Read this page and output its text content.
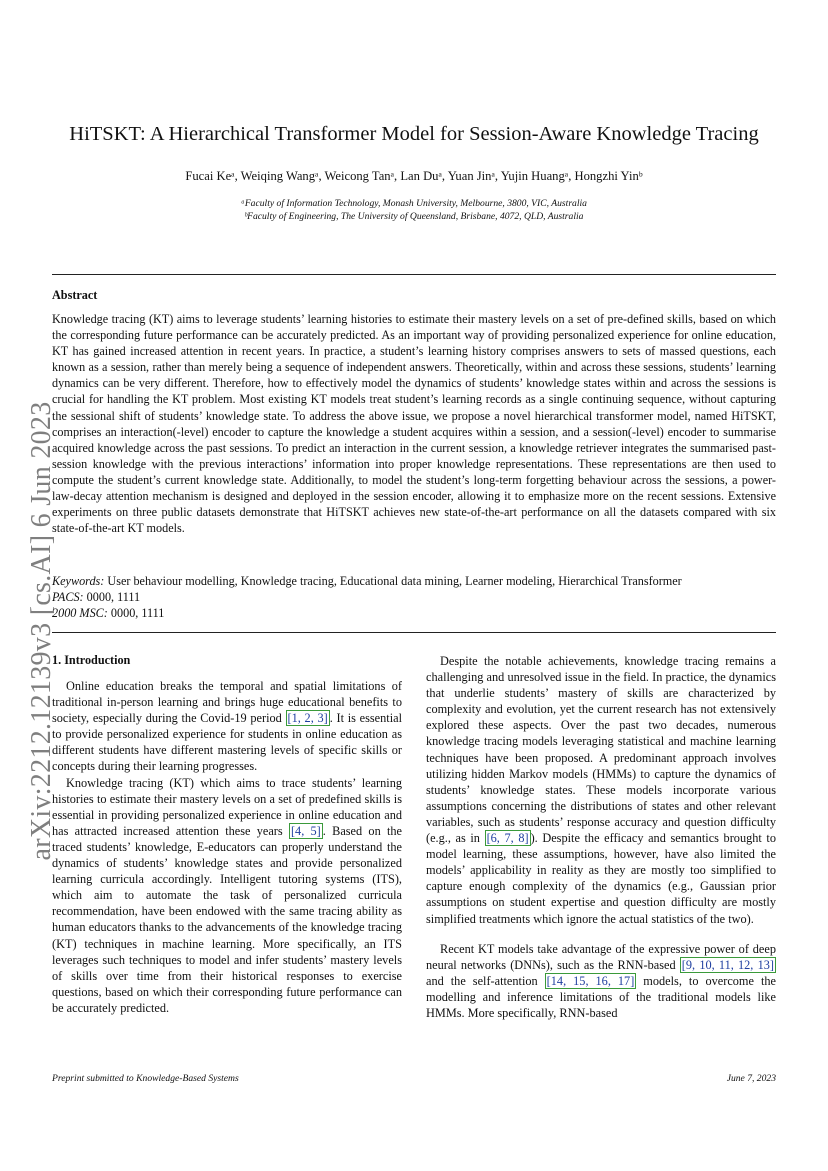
arXiv:2212.12139v3 [cs.AI] 6 Jun 2023
HiTSKT: A Hierarchical Transformer Model for Session-Aware Knowledge Tracing
Fucai Keᵃ, Weiqing Wangᵃ, Weicong Tanᵃ, Lan Duᵃ, Yuan Jinᵃ, Yujin Huangᵃ, Hongzhi Yinᵇ
ᵃFaculty of Information Technology, Monash University, Melbourne, 3800, VIC, Australia
ᵇFaculty of Engineering, The University of Queensland, Brisbane, 4072, QLD, Australia
Abstract

Knowledge tracing (KT) aims to leverage students’ learning histories to estimate their mastery levels on a set of pre-defined skills, based on which the corresponding future performance can be accurately predicted. As an important way of providing personalized experience for online education, KT has gained increased attention in recent years. In practice, a student’s learning history comprises answers to sets of massed questions, each known as a session, rather than merely being a sequence of independent answers. Theoretically, within and across these sessions, students’ learning dynamics can be very different. Therefore, how to effectively model the dynamics of students’ knowledge states within and across the sessions is crucial for handling the KT problem. Most existing KT models treat student’s learning records as a single continuing sequence, without capturing the sessional shift of students’ knowledge state. To address the above issue, we propose a novel hierarchical transformer model, named HiTSKT, comprises an interaction(-level) encoder to capture the knowledge a student acquires within a session, and a session(-level) encoder to summarise acquired knowledge across the past sessions. To predict an interaction in the current session, a knowledge retriever integrates the summarised past-session knowledge with the previous interactions’ information into proper knowledge representations. These representations are then used to compute the student’s current knowledge state. Additionally, to model the student’s long-term forgetting behaviour across the sessions, a power-law-decay attention mechanism is designed and deployed in the session encoder, allowing it to emphasize more on the recent sessions. Extensive experiments on three public datasets demonstrate that HiTSKT achieves new state-of-the-art performance on all the datasets compared with six state-of-the-art KT models.

Keywords: User behaviour modelling, Knowledge tracing, Educational data mining, Learner modeling, Hierarchical Transformer
PACS: 0000, 1111
2000 MSC: 0000, 1111

1. Introduction

Online education breaks the temporal and spatial limitations of traditional in-person learning and brings huge educational benefits to society, especially during the Covid-19 period [1, 2, 3] . It is essential to provide personalized experience for students in online education as different students have different mastering levels of specific skills or concepts during their learning progresses.

Knowledge tracing (KT) which aims to trace students’ learning histories to estimate their mastery levels on a set of predefined skills is essential in providing personalized experience in online education and has attracted increased attention these years [4, 5] . Based on the traced students’ knowledge, E-educators can properly understand the dynamics of students’ knowledge states and provide personalized learning curricula accordingly. Intelligent tutoring systems (ITS), which aim to automate the task of personalized curricula recommendation, have been endowed with the same tracing ability as human educators thanks to the advancements of the knowledge tracing (KT) techniques in machine learning. More specifically, an ITS leverages such techniques to model and infer students’ mastery levels of skills over time from their historical responses to exercise questions, based on which their corresponding future performance can be accurately predicted.

Despite the notable achievements, knowledge tracing remains a challenging and unresolved issue in the field. In practice, the dynamics that underlie students’ mastery of skills are characterized by complexity and evolution, yet the current research has not extensively explored these aspects. Over the past two decades, numerous knowledge tracing models leveraging statistical and machine learning techniques have been proposed. A predominant approach involves utilizing hidden Markov models (HMMs) to capture the dynamics of students’ knowledge states. These models incorporate various assumptions concerning the distributions of states and other relevant variables, such as students’ response accuracy and question difficulty (e.g., as in [6, 7, 8] ). Despite the efficacy and semantics brought to model learning, these assumptions, however, have also limited the models’ applicability in reality as they are mostly too simplified to capture enough complexity of the dynamics (e.g., Gaussian prior assumptions on student expertise and question difficulty are mostly simplified treatments which ignore the actual statistics of the two).

Recent KT models take advantage of the expressive power of deep neural networks (DNNs), such as the RNN-based [9, 10, 11, 12, 13] and the self-attention [14, 15, 16, 17] models, to overcome the modelling and inference limitations of the traditional models like HMMs. More specifically, RNN-based

Preprint submitted to Knowledge-Based Systems	June 7, 2023
